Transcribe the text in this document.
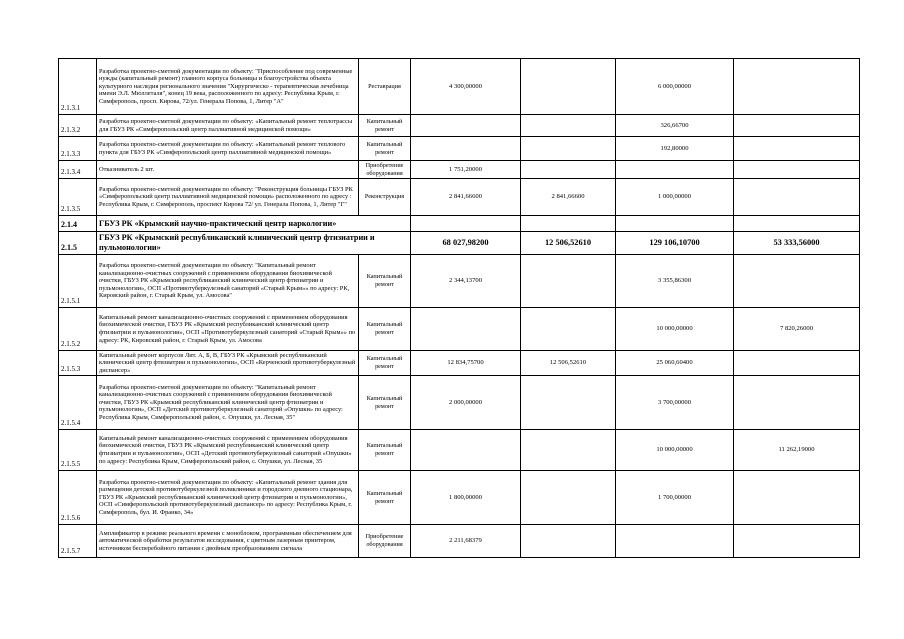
2.1.3.1	Разработка проектно-сметной документации по объекту: "Приспособление под современные нужды (капитальный ремонт) главного корпуса больницы и благоустройства объекта культурного наследия регионального значения "Хирургическо - терапевтическая лечебница имени Э.Л. Мюллеталя", конец 19 века, расположенного по адресу: Республика Крым, г. Симферополь, просп. Кирова, 72/ул. Генерала Попова, 1, Литер "А"	Реставрация	4 300,00000		6 000,00000	
2.1.3.2	Разработка проектно-сметной документации по объекту: «Капитальный ремонт теплотрассы для ГБУЗ РК «Симферопольский центр паллиативной медицинской помощи»	Капитальный ремонт			326,66700	
2.1.3.3	Разработка проектно-сметной документации по объекту: «Капитальный ремонт теплового пункта для ГБУЗ РК «Симферопольский центр паллиативной медицинской помощи»	Капитальный ремонт			192,80000	
2.1.3.4	Отказниватель 2 шт.	Приобретение оборудования	1 751,20000			
2.1.3.5	Разработка проектно-сметной документации по объекту: "Реконструкция больницы ГБУЗ РК «Симферопольский центр паллиативной медицинской помощи» расположенного по адресу : Республика Крым, г. Симферополь, проспект Кирова 72/ ул. Генерала Попова, 1, Литер "Г"	Реконструкция	2 841,66600	2 841,66600	1 000,00000	
2.1.4	ГБУЗ РК «Крымский научно-практический центр наркологии»					
2.1.5	ГБУЗ РК «Крымский республиканский клинический центр фтизиатрии и пульмонологии»		68 027,98200	12 506,52610	129 106,10700	53 333,56000
2.1.5.1	Разработка проектно-сметной документации по объекту: "Капитальный ремонт канализационно-очистных сооружений с применением оборудования биохимической очистки, ГБУЗ РК «Крымский республиканский клинический центр фтизиатрии и пульмонологии», ОСП «Противотуберкулезный санаторий «Старый Крым»» по адресу: РК, Кировский район, г. Старый Крым, ул. Амосова"	Капитальный ремонт	2 344,13700		3 355,86300	
2.1.5.2	Капитальный ремонт канализационно-очистных сооружений с применением оборудования биохимической очистки, ГБУЗ РК «Крымский республиканский клинический центр фтизиатрии и пульмонологии», ОСП «Противотуберкулезный санаторий «Старый Крым»» по адресу: РК, Кировский район, г. Старый Крым, ул. Амосова	Капитальный ремонт			10 000,00000	7 820,26000
2.1.5.3	Капитальный ремонт корпусов Лит. А, Б, В, ГБУЗ РК «Крымский республиканский клинический центр фтизиатрии и пульмонологии», ОСП «Керченский противотуберкулезный диспансер»	Капитальный ремонт	12 834,75700	12 506,52610	25 060,60400	
2.1.5.4	Разработка проектно-сметной документации по объекту: "Капитальный ремонт канализационно-очистных сооружений с применением оборудования биохимической очистки, ГБУЗ РК «Крымский республиканский клинический центр фтизиатрии и пульмонологии», ОСП «Детский противотуберкулезный санаторий «Опушки» по адресу: Республика Крым, Симферопольский район, с. Опушки, ул. Лесная, 35"	Капитальный ремонт	2 000,00000		3 700,00000	
2.1.5.5	Капитальный ремонт канализационно-очистных сооружений с применением оборудования биохимической очистки, ГБУЗ РК «Крымский республиканский клинический центр фтизиатрии и пульмонологии», ОСП «Детский противотуберкулезный санаторий «Опушки» по адресу: Республика Крым, Симферопольский район, с. Опушки, ул. Лесная, 35	Капитальный ремонт			10 000,00000	11 262,19000
2.1.5.6	Разработка проектно-сметной документации по объекту: «Капитальный ремонт здания для размещения детской противотуберкулезной поликлиники и городского дневного стационара, ГБУЗ РК «Крымский республиканский клинический центр фтизиатрии и пульмонологии», ОСП «Симферопольский противотуберкулезный диспансер» по адресу: Республика Крым, г. Симферополь, бул. И. Франко, 34»	Капитальный ремонт	1 800,00000		1 700,00000	
2.1.5.7	Амплификатор в режиме реального времени с моноблоком, программным обеспечением для автоматической обработки результатов исследования, с цветным лазерным принтером, источником бесперебойного питания с двойным преобразованием сигнала	Приобретение оборудования	2 211,68379			
